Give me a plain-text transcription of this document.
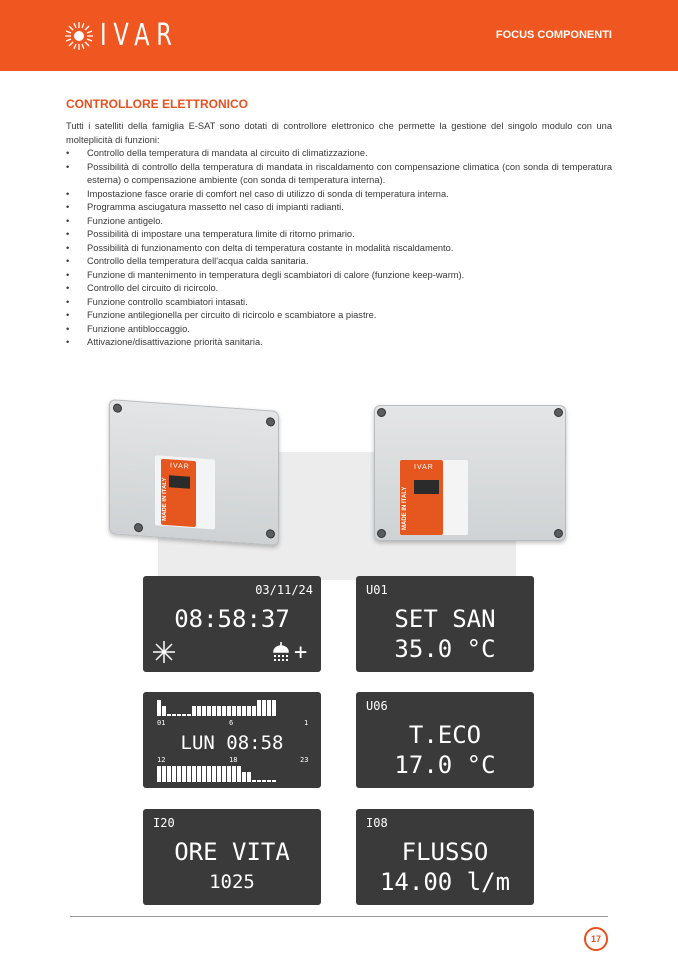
IVAR	FOCUS COMPONENTI
CONTROLLORE ELETTRONICO
Tutti i satelliti della famiglia E-SAT sono dotati di controllore elettronico che permette la gestione del singolo modulo con una molteplicità di funzioni:
• Controllo della temperatura di mandata al circuito di climatizzazione.
• Possibilità di controllo della temperatura di mandata in riscaldamento con compensazione climatica (con sonda di temperatura esterna) o compensazione ambiente (con sonda di temperatura interna).
• Impostazione fasce orarie di comfort nel caso di utilizzo di sonda di temperatura interna.
• Programma asciugatura massetto nel caso di impianti radianti.
• Funzione antigelo.
• Possibilità di impostare una temperatura limite di ritorno primario.
• Possibilità di funzionamento con delta di temperatura costante in modalità riscaldamento.
• Controllo della temperatura dell'acqua calda sanitaria.
• Funzione di mantenimento in temperatura degli scambiatori di calore (funzione keep-warm).
• Controllo del circuito di ricircolo.
• Funzione controllo scambiatori intasati.
• Funzione antilegionella per circuito di ricircolo e scambiatore a piastre.
• Funzione antibloccaggio.
• Attivazione/disattivazione priorità sanitaria.
IVAR
MADE IN ITALY
IVAR
MADE IN ITALY
03/11/24
08:58:37
+
U01
SET SAN
35.0 °C
01	6	1
LUN 08:58
12	18	23
U06
T.ECO
17.0 °C
I20
ORE VITA
1025
I08
FLUSSO
14.00 l/m
17
